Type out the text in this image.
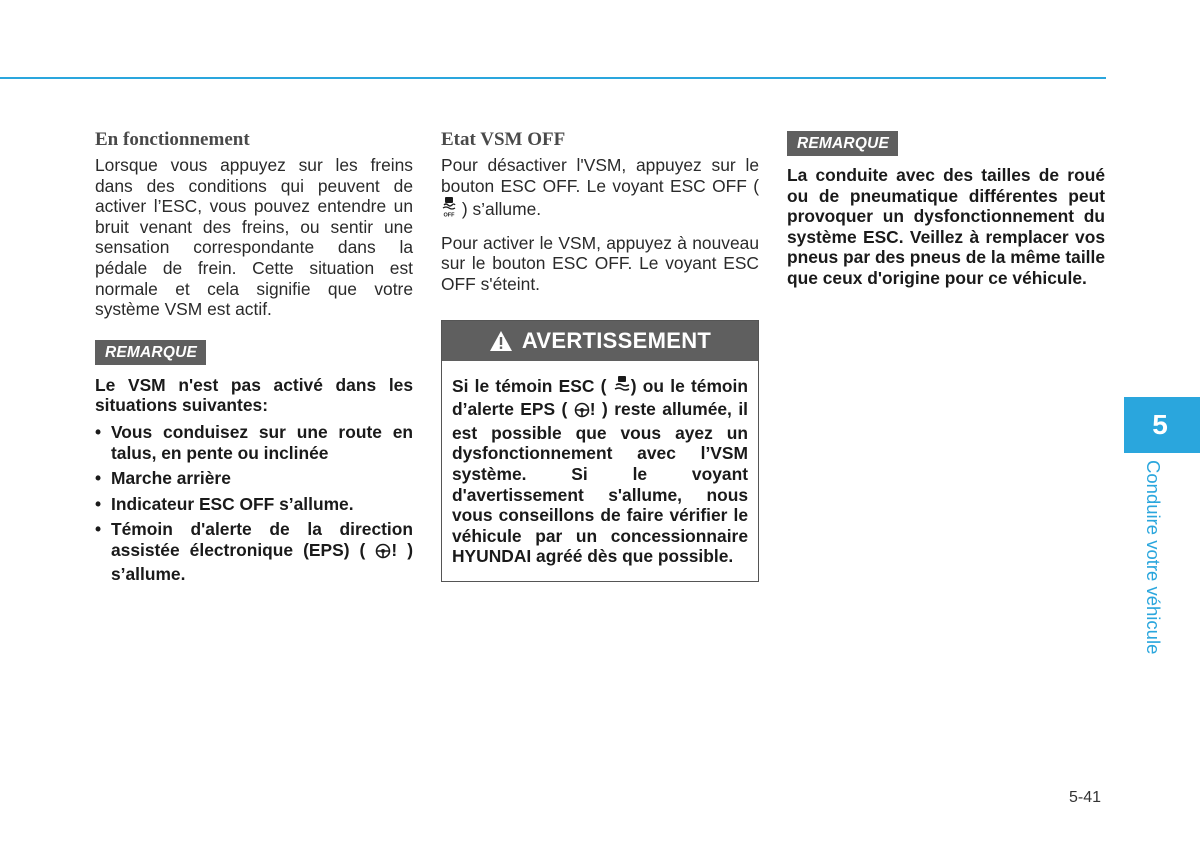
En fonctionnement

Lorsque vous appuyez sur les freins dans des conditions qui peuvent de activer l’ESC, vous pouvez entendre un bruit venant des freins, ou sentir une sensation correspondante dans la pédale de frein. Cette situation est normale et cela signifie que votre système VSM est actif.

REMARQUE

Le VSM n'est pas activé dans les situations suivantes:

• Vous conduisez sur une route en talus, en pente ou inclinée
• Marche arrière
• Indicateur ESC OFF s’allume.
• Témoin d'alerte de la direction assistée électronique (EPS) ( ! ) s’allume.
Etat VSM OFF

Pour désactiver l'VSM, appuyez sur le bouton ESC OFF. Le voyant ESC OFF (
OFF ) s’allume.

Pour activer le VSM, appuyez à nouveau sur le bouton ESC OFF. Le voyant ESC OFF s'éteint.

AVERTISSEMENT
Si le témoin ESC ( ) ou le témoin d’alerte EPS ( ! ) reste allumée, il est possible que vous ayez un dysfonctionnement avec l’VSM système. Si le voyant d'avertissement s'allume, nous vous conseillons de faire vérifier le véhicule par un concessionnaire HYUNDAI agréé dès que possible.
REMARQUE

La conduite avec des tailles de roué ou de pneumatique différentes peut provoquer un dysfonctionnement du système ESC. Veillez à remplacer vos pneus par des pneus de la même taille que ceux d'origine pour ce véhicule.

5
Conduire votre véhicule
5-41
